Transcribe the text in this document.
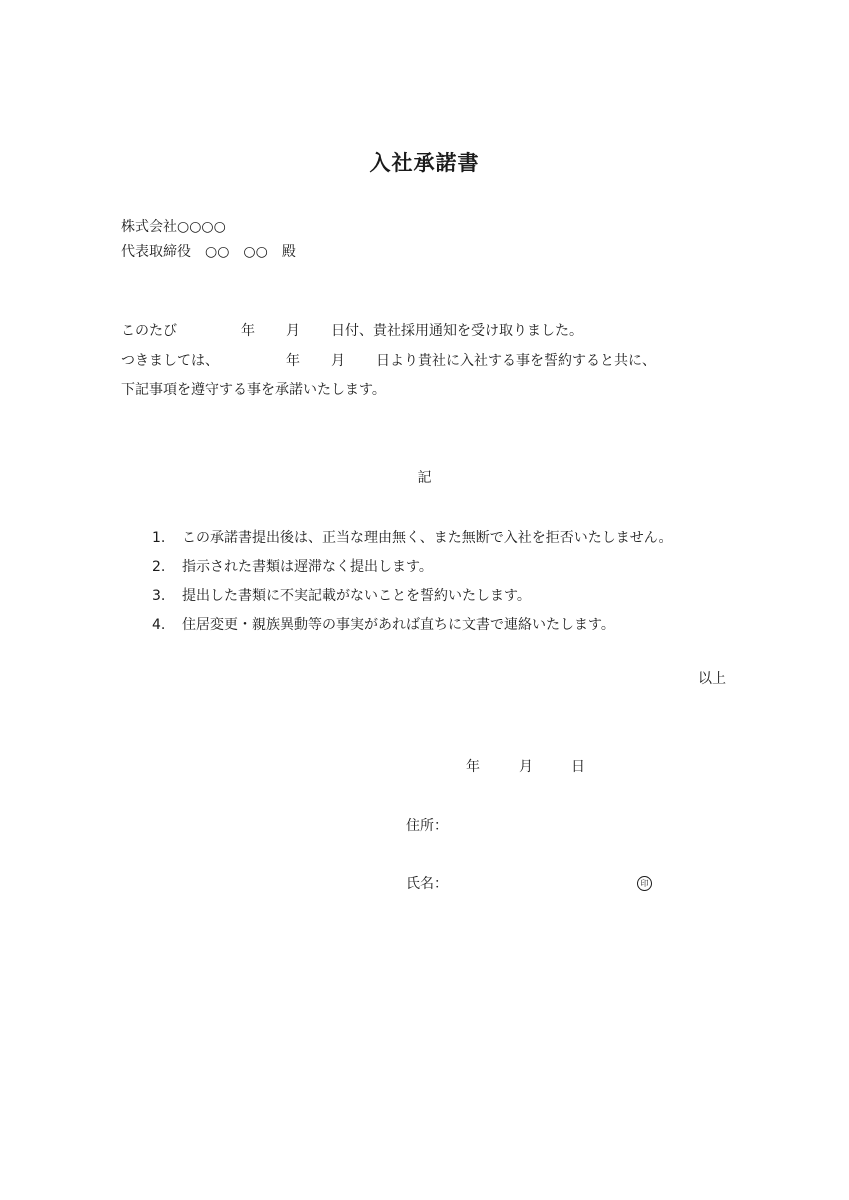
入社承諾書
株式会社○○○○
代表取締役　○○　○○　殿
このたび	年 月 日付、貴社採用通知を受け取りました。
つきましては、	年 月 日より貴社に入社する事を誓約すると共に、
下記事項を遵守する事を承諾いたします。
記
1.	この承諾書提出後は、正当な理由無く、また無断で入社を拒否いたしません。
2.	指示された書類は遅滞なく提出します。
3.	提出した書類に不実記載がないことを誓約いたします。
4.	住居変更・親族異動等の事実があれば直ちに文書で連絡いたします。
以上
年	月	日
住所：
氏名：	印
